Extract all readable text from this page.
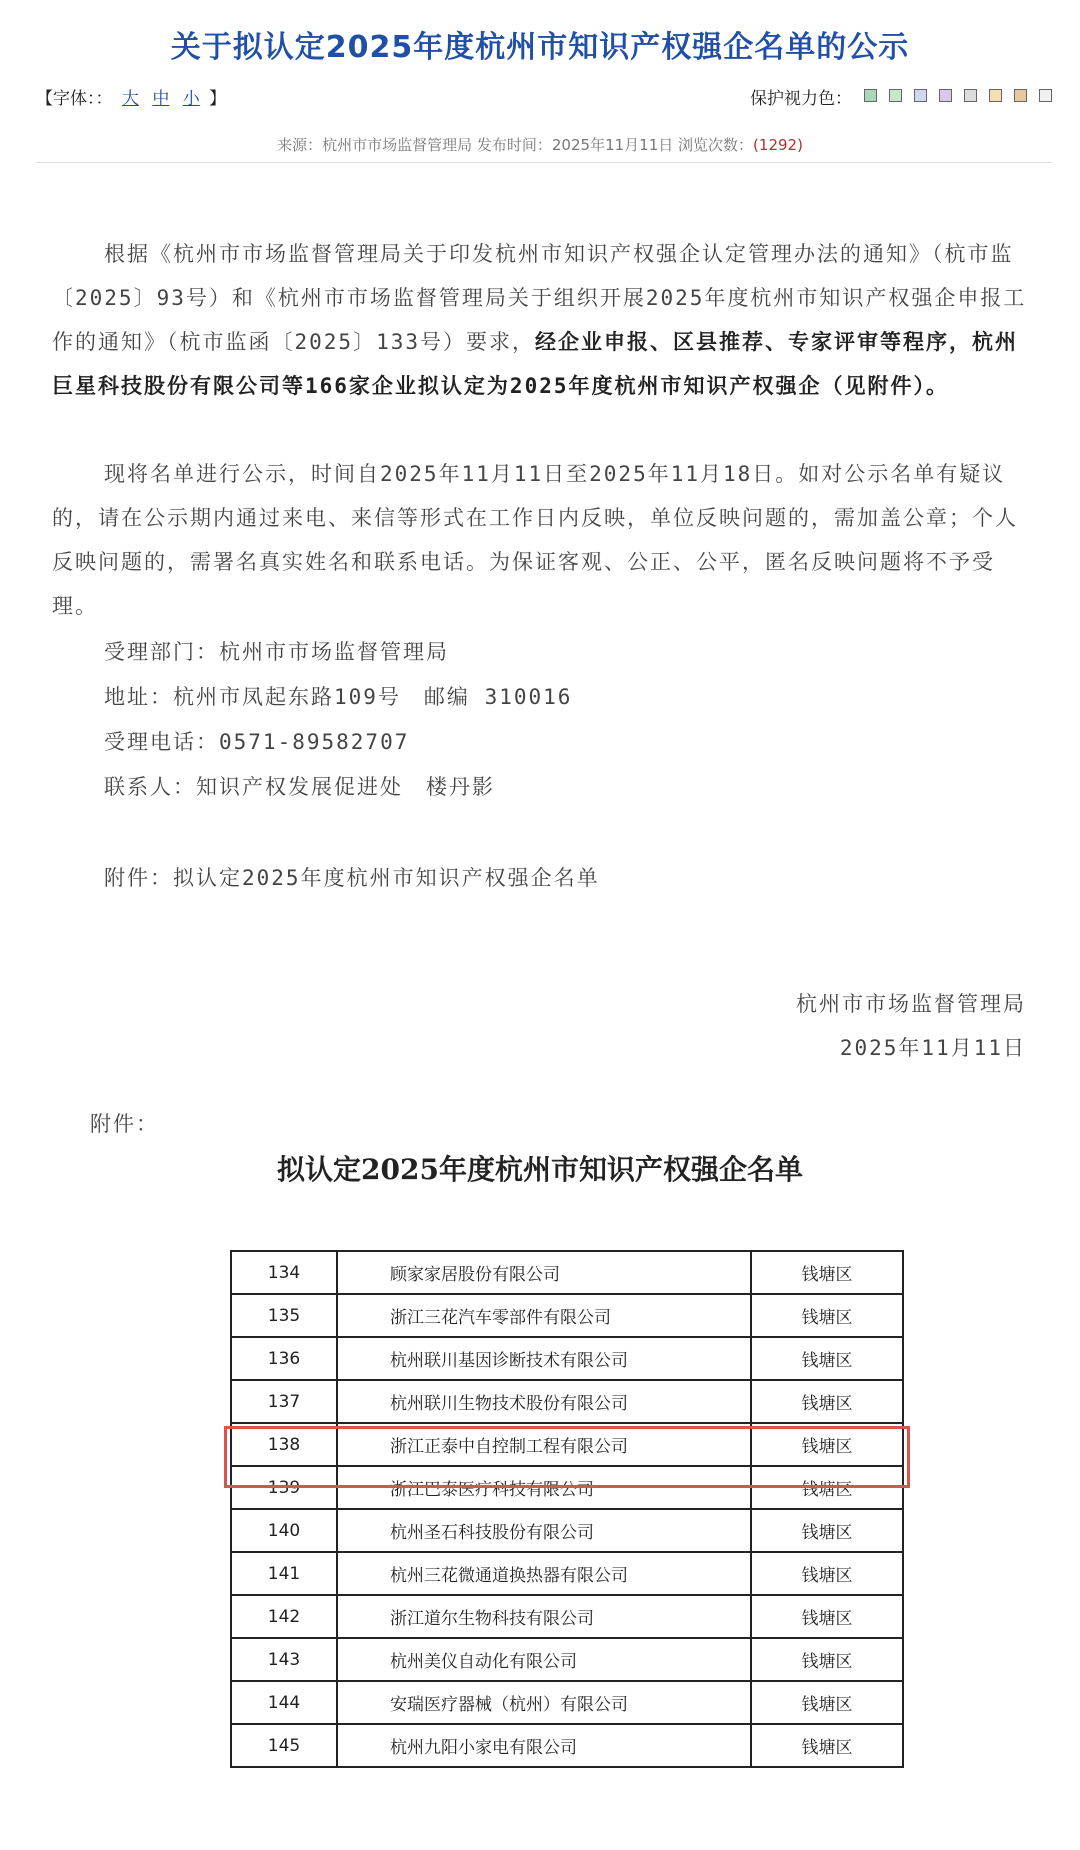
关于拟认定2025年度杭州市知识产权强企名单的公示
【字体：： 大 中 小 】	保护视力色：
来源：杭州市市场监督管理局 发布时间：2025年11月11日 浏览次数：(1292)
根据《杭州市市场监督管理局关于印发杭州市知识产权强企认定管理办法的通知》（杭市监〔2025〕93号）和《杭州市市场监督管理局关于组织开展2025年度杭州市知识产权强企申报工作的通知》（杭市监函〔2025〕133号）要求，经企业申报、区县推荐、专家评审等程序，杭州巨星科技股份有限公司等166家企业拟认定为2025年度杭州市知识产权强企（见附件）。
现将名单进行公示，时间自2025年11月11日至2025年11月18日。如对公示名单有疑议的，请在公示期内通过来电、来信等形式在工作日内反映，单位反映问题的，需加盖公章；个人反映问题的，需署名真实姓名和联系电话。为保证客观、公正、公平，匿名反映问题将不予受理。
受理部门：杭州市市场监督管理局
地址：杭州市凤起东路109号　邮编 310016
受理电话：0571-89582707
联系人：知识产权发展促进处　楼丹影
附件：拟认定2025年度杭州市知识产权强企名单
杭州市市场监督管理局
2025年11月11日
附件：
拟认定2025年度杭州市知识产权强企名单
134	顾家家居股份有限公司	钱塘区
135	浙江三花汽车零部件有限公司	钱塘区
136	杭州联川基因诊断技术有限公司	钱塘区
137	杭州联川生物技术股份有限公司	钱塘区
138	浙江正泰中自控制工程有限公司	钱塘区
139	浙江巴泰医疗科技有限公司	钱塘区
140	杭州圣石科技股份有限公司	钱塘区
141	杭州三花微通道换热器有限公司	钱塘区
142	浙江道尔生物科技有限公司	钱塘区
143	杭州美仪自动化有限公司	钱塘区
144	安瑞医疗器械（杭州）有限公司	钱塘区
145	杭州九阳小家电有限公司	钱塘区
